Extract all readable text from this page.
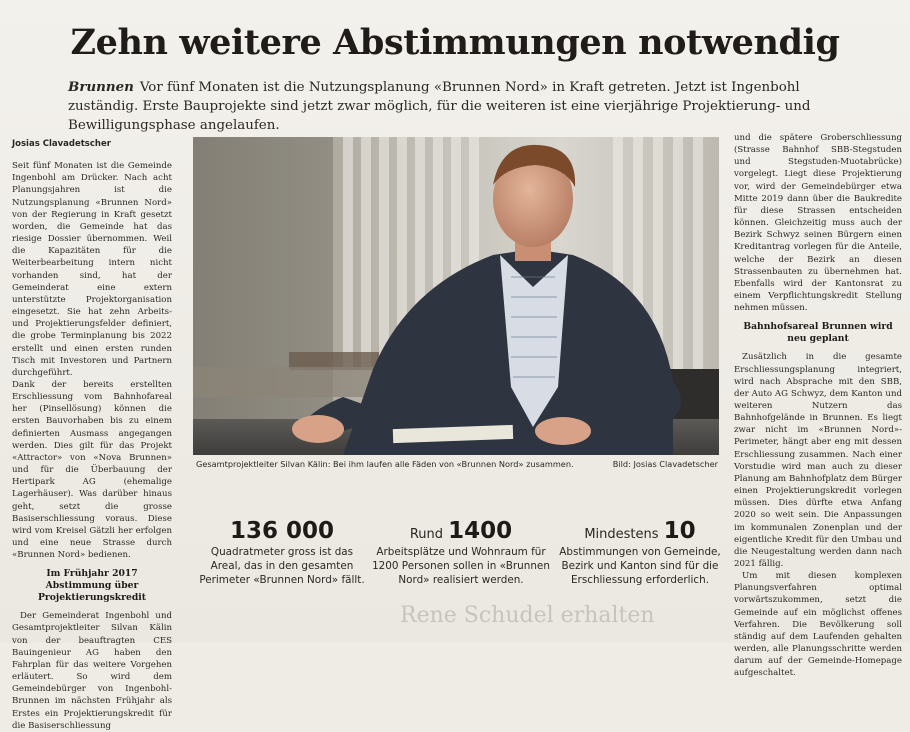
Rene Schudel erhalten
Zehn weitere Abstimmungen notwendig
Brunnen Vor fünf Monaten ist die Nutzungsplanung «Brunnen Nord» in Kraft getreten. Jetzt ist Ingenbohl zuständig. Erste Bauprojekte sind jetzt zwar möglich, für die weiteren ist eine vierjährige Projektierung- und Bewilligungsphase angelaufen.
Josias Clavadetscher

Seit fünf Monaten ist die Gemeinde Ingenbohl am Drücker. Nach acht Planungsjahren ist die Nutzungsplanung «Brunnen Nord» von der Regierung in Kraft gesetzt worden, die Gemeinde hat das riesige Dossier übernommen. Weil die Kapazitäten für die Weiterbearbeitung intern nicht vorhanden sind, hat der Gemeinderat eine extern unterstützte Projektorganisation eingesetzt. Sie hat zehn Arbeits- und Projektierungsfelder definiert, die grobe Terminplanung bis 2022 erstellt und einen ersten runden Tisch mit Investoren und Partnern durchgeführt.

Dank der bereits erstellten Erschliessung vom Bahnhofareal her (Pinsellösung) können die ersten Bauvorhaben bis zu einem definierten Ausmass angegangen werden. Dies gilt für das Projekt «Attractor» von «Nova Brunnen» und für die Überbauung der Hertipark AG (ehemalige Lagerhäuser). Was darüber hinaus geht, setzt die grosse Basiserschliessung voraus. Diese wird vom Kreisel Gätzli her erfolgen und eine neue Strasse durch «Brunnen Nord» bedienen.

Im Frühjahr 2017 Abstimmung über Projektierungskredit

Der Gemeinderat Ingenbohl und Gesamtprojektleiter Silvan Kälin von der beauftragten CES Bauingenieur AG haben den Fahrplan für das weitere Vorgehen erläutert. So wird dem Gemeindebürger von Ingenbohl-Brunnen im nächsten Frühjahr als Erstes ein Projektierungskredit für die Basiserschliessung

Gesamtprojektleiter Silvan Kälin: Bei ihm laufen alle Fäden von «Brunnen Nord» zusammen.	Bild: Josias Clavadetscher
136 000
Quadratmeter gross ist das Areal, das in den gesamten Perimeter «Brunnen Nord» fällt.
Rund 1400
Arbeitsplätze und Wohnraum für 1200 Personen sollen in «Brunnen Nord» realisiert werden.
Mindestens 10
Abstimmungen von Gemeinde, Bezirk und Kanton sind für die Erschliessung erforderlich.

und die spätere Groberschliessung (Strasse Bahnhof SBB-Stegstuden und Stegstuden-Muotabrücke) vorgelegt. Liegt diese Projektierung vor, wird der Gemeindebürger etwa Mitte 2019 dann über die Baukredite für diese Strassen entscheiden können. Gleichzeitig muss auch der Bezirk Schwyz seinen Bürgern einen Kreditantrag vorlegen für die Anteile, welche der Bezirk an diesen Strassenbauten zu übernehmen hat. Ebenfalls wird der Kantonsrat zu einem Verpflichtungskredit Stellung nehmen müssen.

Bahnhofsareal Brunnen wird neu geplant

Zusätzlich in die gesamte Erschliessungsplanung integriert, wird nach Absprache mit den SBB, der Auto AG Schwyz, dem Kanton und weiteren Nutzern das Bahnhofgelände in Brunnen. Es liegt zwar nicht im «Brunnen Nord»-Perimeter, hängt aber eng mit dessen Erschliessung zusammen. Nach einer Vorstudie wird man auch zu dieser Planung am Bahnhofplatz dem Bürger einen Projektierungskredit vorlegen müssen. Dies dürfte etwa Anfang 2020 so weit sein. Die Anpassungen im kommunalen Zonenplan und der eigentliche Kredit für den Umbau und die Neugestaltung werden dann nach 2021 fällig.

Um mit diesen komplexen Planungsverfahren optimal vorwärtszukommen, setzt die Gemeinde auf ein möglichst offenes Verfahren. Die Bevölkerung soll ständig auf dem Laufenden gehalten werden, alle Planungsschritte werden darum auf der Gemeinde-Homepage aufgeschaltet.
